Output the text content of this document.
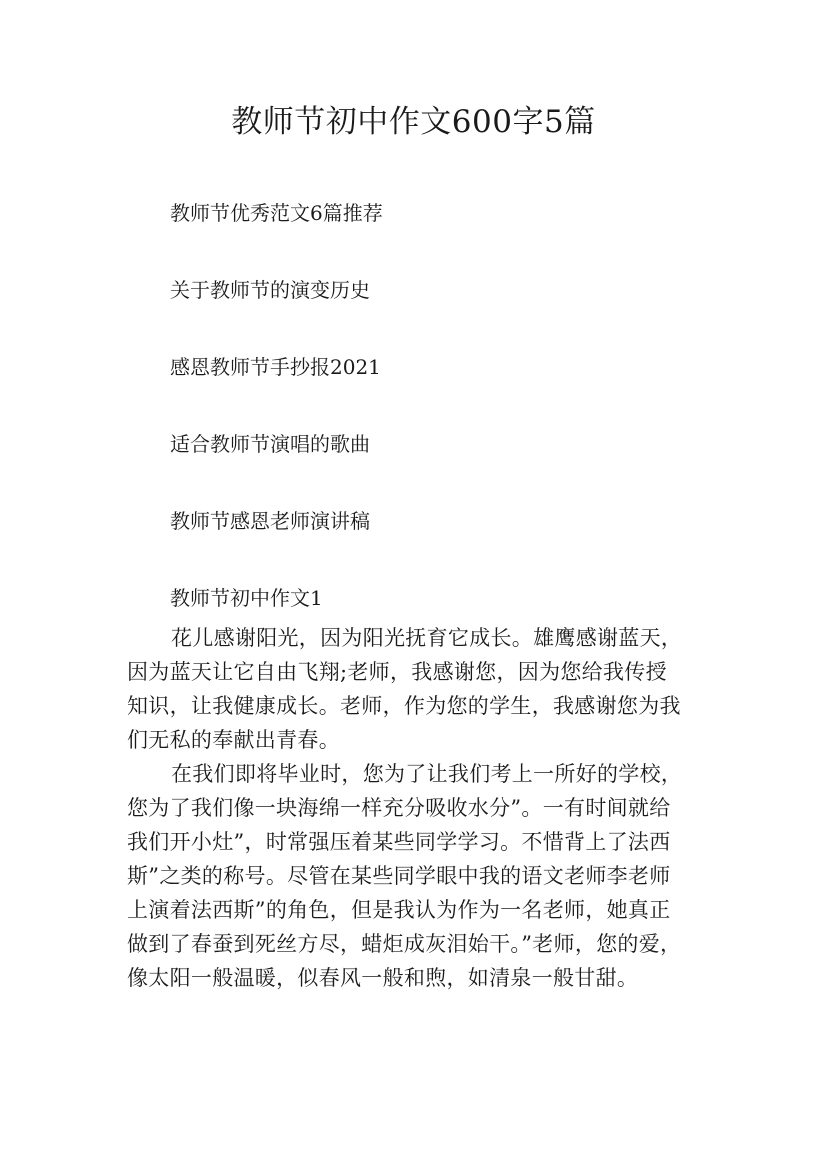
教师节初中作文600字5篇
教师节优秀范文6篇推荐
关于教师节的演变历史
感恩教师节手抄报2021
适合教师节演唱的歌曲
教师节感恩老师演讲稿
教师节初中作文1

花儿感谢阳光，因为阳光抚育它成长。雄鹰感谢蓝天，
因为蓝天让它自由飞翔;老师，我感谢您，因为您给我传授
知识，让我健康成长。老师，作为您的学生，我感谢您为我
们无私的奉献出青春。

在我们即将毕业时，您为了让我们考上一所好的学校，
您为了我们像一块海绵一样充分吸收水分”。一有时间就给
我们开小灶”，时常强压着某些同学学习。不惜背上了法西
斯”之类的称号。尽管在某些同学眼中我的语文老师李老师
上演着法西斯”的角色，但是我认为作为一名老师，她真正
做到了春蚕到死丝方尽，蜡炬成灰泪始干。”老师，您的爱，
像太阳一般温暖，似春风一般和煦，如清泉一般甘甜。
